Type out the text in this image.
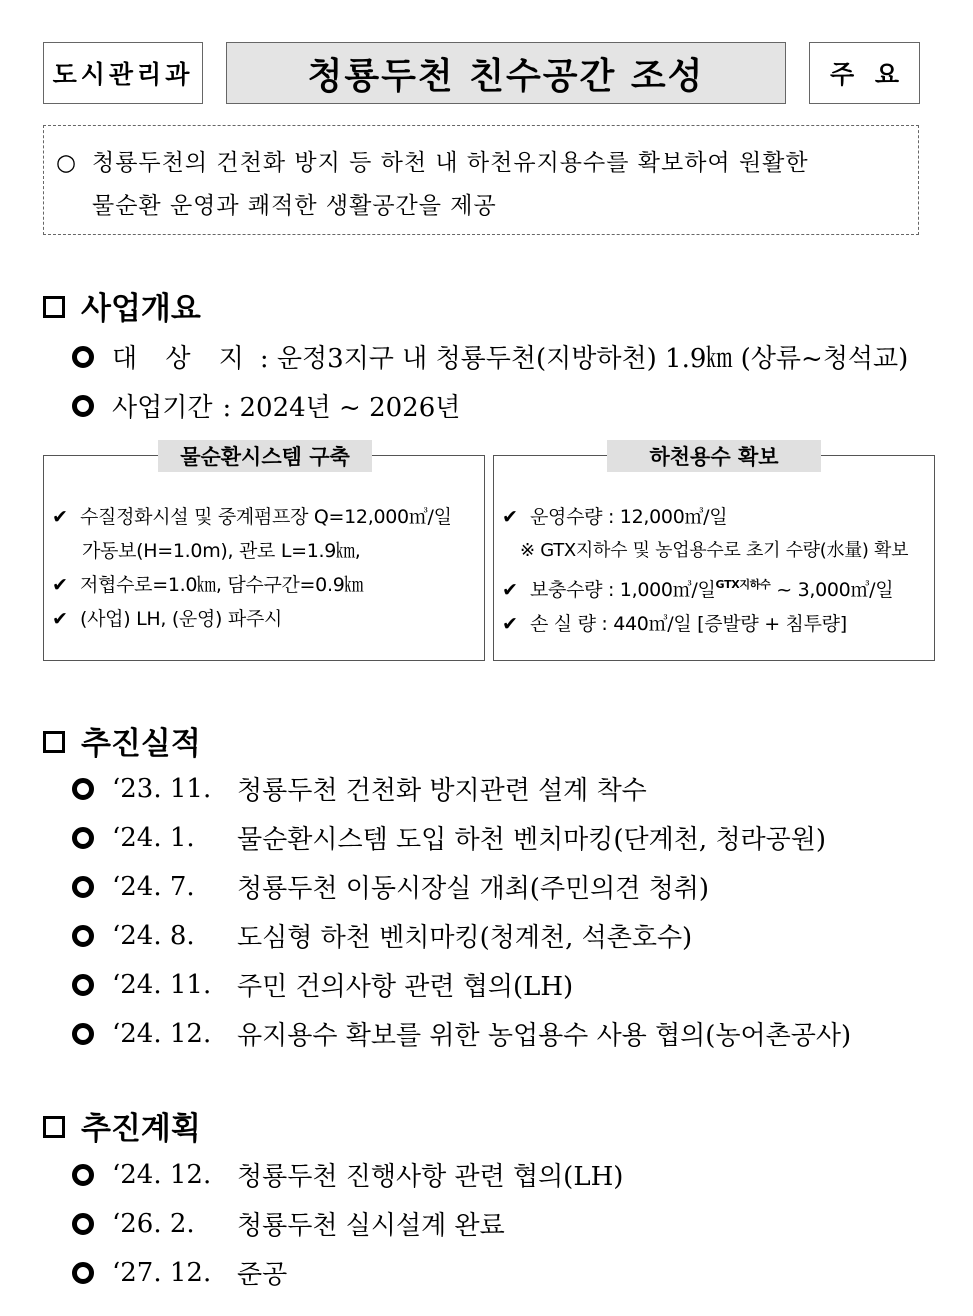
도시관리과	청룡두천 친수공간 조성	주 요
○ 청룡두천의 건천화 방지 등 하천 내 하천유지용수를 확보하여 원활한
물순환 운영과 쾌적한 생활공간을 제공
사업개요
대 상 지 : 운정3지구 내 청룡두천(지방하천) 1.9㎞ (상류~청석교)
사업기간 : 2024년 ~ 2026년
물순환시스템 구축
✔ 수질정화시설 및 중계펌프장 Q=12,000㎥/일
가동보(H=1.0m), 관로 L=1.9㎞,
✔ 저협수로=1.0㎞, 담수구간=0.9㎞
✔ (사업) LH, (운영) 파주시
하천용수 확보
✔ 운영수량 : 12,000㎥/일
※ GTX지하수 및 농업용수로 초기 수량(水量) 확보
✔ 보충수량 : 1,000㎥/일$^{GTX지하수}$ ~ 3,000㎥/일
✔ 손 실 량 : 440㎥/일 [증발량 + 침투량]
추진실적
‘23. 11. 청룡두천 건천화 방지관련 설계 착수
‘24. 1.	물순환시스템 도입 하천 벤치마킹(단계천, 청라공원)
‘24. 7.	청룡두천 이동시장실 개최(주민의견 청취)
‘24. 8.	도심형 하천 벤치마킹(청계천, 석촌호수)
‘24. 11. 주민 건의사항 관련 협의(LH)
‘24. 12. 유지용수 확보를 위한 농업용수 사용 협의(농어촌공사)
추진계획
‘24. 12. 청룡두천 진행사항 관련 협의(LH)
‘26. 2.	청룡두천 실시설계 완료
‘27. 12. 준공
